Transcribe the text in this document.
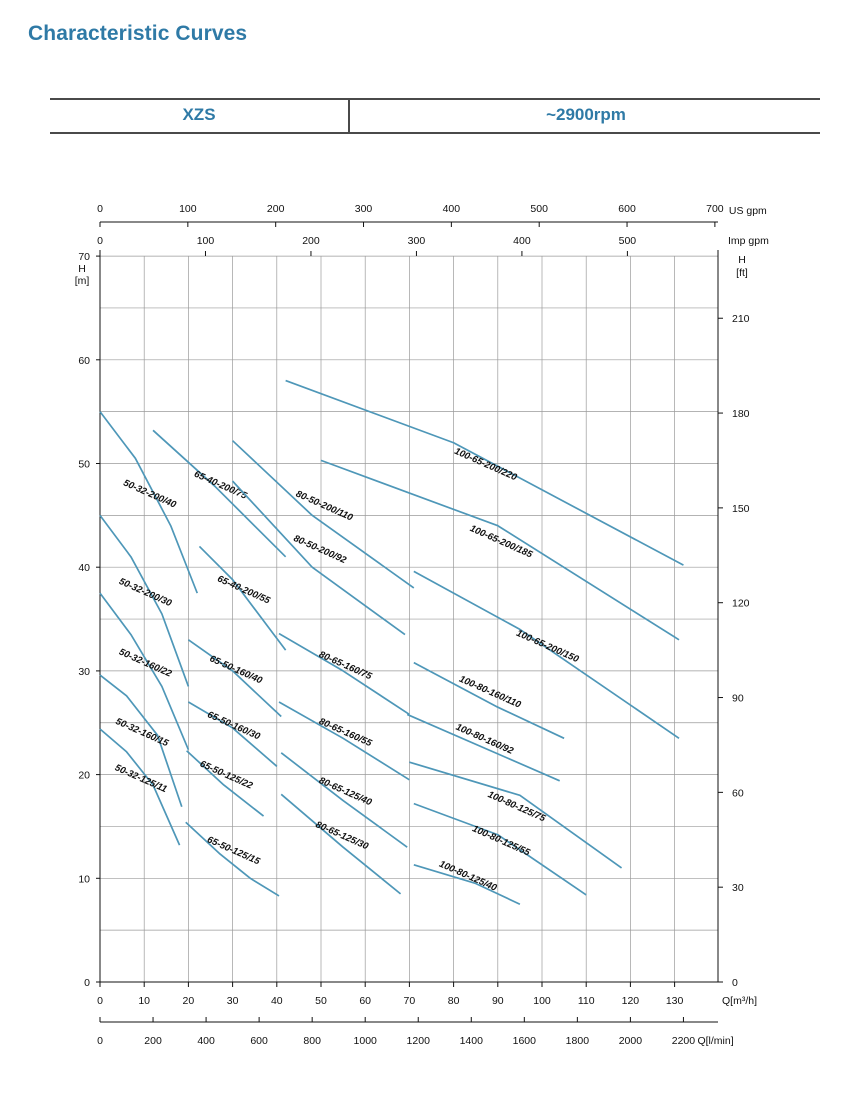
Characteristic Curves
XZS	~2900rpm
0
10
20
30
40
50
60
70
0
30
60
90
120
150
180
210
H
[m]
H
[ft]
0	10	20	30	40	50	60	70	80	90	100	110	120	130	Q[m³/h]
0	200	400	600	800	1000	1200	1400	1600	1800	2000	2200 Q[l/min]
0	100	200	300	400	500	600	700 US gpm
0	100	200	300	400	500	Imp gpm
50-32-125/11
50-32-160/15
50-32-160/22
50-32-200/30
50-32-200/40
65-50-125/15
65-50-125/22
65-50-160/30
65-50-160/40
65-40-200/55
65-40-200/75
80-65-125/30
80-65-125/40
80-65-160/55
80-65-160/75
80-50-200/92
80-50-200/110
100-80-125/40
100-80-125/55
100-80-125/75
100-80-160/92
100-80-160/110
100-65-200/150
100-65-200/185
100-65-200/220
